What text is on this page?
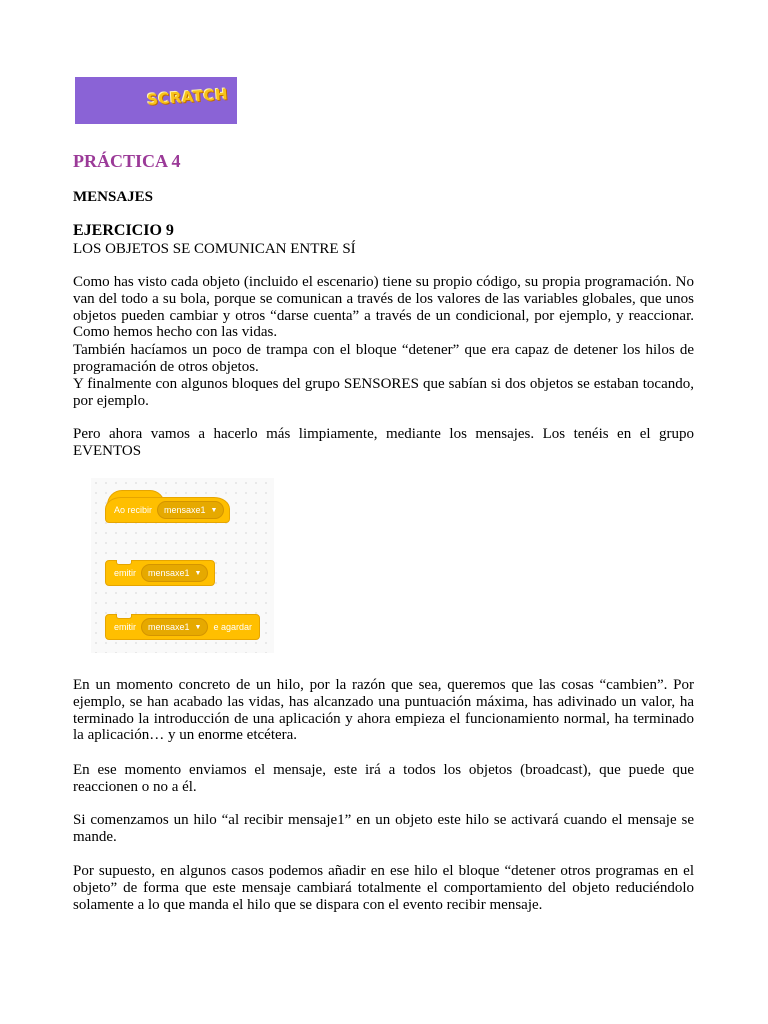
SCRATCH
PRÁCTICA 4
MENSAJES
EJERCICIO 9

LOS OBJETOS SE COMUNICAN ENTRE SÍ

Como has visto cada objeto (incluido el escenario) tiene su propio código, su propia programación. No van del todo a su bola, porque se comunican a través de los valores de las variables globales, que unos objetos pueden cambiar y otros “darse cuenta” a través de un condicional, por ejemplo, y reaccionar. Como hemos hecho con las vidas.

También hacíamos un poco de trampa con el bloque “detener” que era capaz de detener los hilos de programación de otros objetos.

Y finalmente con algunos bloques del grupo SENSORES que sabían si dos objetos se estaban tocando, por ejemplo.

Pero ahora vamos a hacerlo más limpiamente, mediante los mensajes. Los tenéis en el grupo EVENTOS

Ao recibir mensaxe1 ▼
emitir mensaxe1 ▼
emitir mensaxe1 ▼ e agardar

En un momento concreto de un hilo, por la razón que sea, queremos que las cosas “cambien”. Por ejemplo, se han acabado las vidas, has alcanzado una puntuación máxima, has adivinado un valor, ha terminado la introducción de una aplicación y ahora empieza el funcionamiento normal, ha terminado la aplicación… y un enorme etcétera.

En ese momento enviamos el mensaje, este irá a todos los objetos (broadcast), que puede que reaccionen o no a él.

Si comenzamos un hilo “al recibir mensaje1” en un objeto este hilo se activará cuando el mensaje se mande.

Por supuesto, en algunos casos podemos añadir en ese hilo el bloque “detener otros programas en el objeto” de forma que este mensaje cambiará totalmente el comportamiento del objeto reduciéndolo solamente a lo que manda el hilo que se dispara con el evento recibir mensaje.
